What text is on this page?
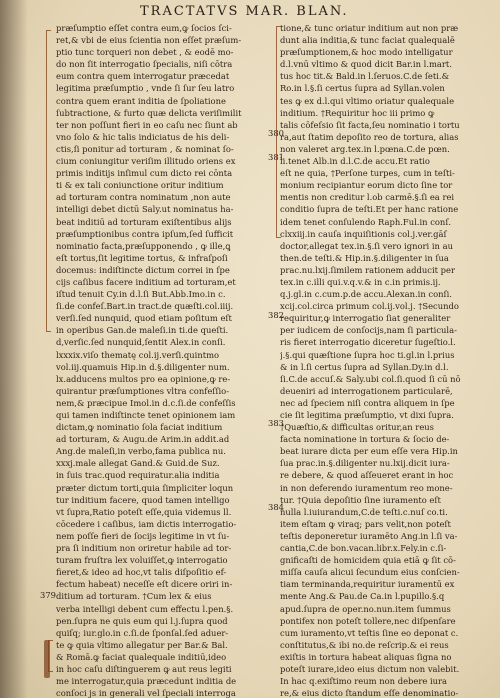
TRACTATVS MAR. BLAN.
præſumptio eſſet contra eum,ꝙ ſocios ſci-
ret,& vbi de eius ſcientia non eſſet præſum-
ptio tunc torqueri non debet , & eodē mo-
do non ſit interrogatio ſpecialis, niſi cōtra
eum contra quem interrogatur præcedat
legitima præſumptio , vnde ſi ſur ſeu latro
contra quem erant inditia de ſpoliatione
ſubtractione, & furto quæ delicta veriſimilit
ter non poſſunt fieri in eo caſu nec ſiunt ab
vno ſolo & hic talis indiciatus de his deli-
ctis,ſi ponitur ad torturam , & nominat ſo-
cium coniungitur veriſim illitudo oriens ex
primis inditijs inſimul cum dicto rei cōnta
ti & ex tali coniunctione oritur inditium
ad torturam contra nominatum ,non aute
intelligi debet dictū Saly.ut nominatus ha-
beat inditiū ad torturam exiſtentibus alijs
præſumptionibus contra ipſum,ſed ſufficit
nominatio facta,præſupponendo , ꝙ ille,ꝗ
eſt tortus,ſit legitime tortus, & infraſpoſi
docemus: indiſtincte dictum correi in ſpe
cijs caſibus facere inditium ad torturam,et
iſtud tenuit Cy.in d.l.ſi But.Abb.Imo.in c.
ſi.de confeſ.Bart.in tract.de quæſti.col.iiij.
verſi.ſed nunquid, quod etiam poſitum eſt
in operibus Gan.de maleſi.in ti.de queſti.
d,verſic.ſed nunquid,ſentit Alex.in conſi.
lxxxix.viſo thematę col.ij.verſi.quintmo
vol.iij.quamuis Hip.in d.§.diligenter num.
lx.adducens multos pro ea opinione,ꝙ re-
quirantur præſumptiones vltra confeſſio-
nem,& præcipue Imol.in d.c.ſi.de confeſſis
qui tamen indiſtincte tenet opinionem iam
dictam,ꝙ nominatio ſola faciat inditium
ad torturam, & Augu.de Arim.in addit.ad
Ang.de maleſi,in verbo,fama publica nu.
xxxj.male allegat Gand.& Guid.de Suz.
in ſuis trac.quod requiratur.alia inditia
præter dictum torti,quia ſimpliciter loqun
tur inditium facere, quod tamen intelligo
vt ſupra,Ratio poteſt eſſe,quia videmus ll.
cōcedere i caſibus, iam dictis interrogatio-
nem poſſe fieri de ſocijs legitime in vt ſu-
pra ſi inditium non oriretur habile ad tor-
turam fruſtra lex voluiſſet,ꝙ interrogatio
fieret,& ideo ad hoc,vt talis diſpoſitio ef-
fectum habeat) neceſſe eſt dicere oriri in-
ditium ad torturam. †Cum lex & eius
verba intelligi debent cum effectu l.pen.§.
pen.ſupra ne quis eum qui l.j.ſupra quod
quiſq; iur.glo.in c.ſi.de ſponſal.ſed aduer-
te ꝙ quia vltimo allegatur per Bar.& Bal.
& Romā.ꝙ faciat qualequale inditiū,ideo
in hoc caſu diſtinguerem ꝙ aut reus legiti
me interrogatur,quia præcedunt inditia de
conſoci js in generali vel ſpeciali interroga
tione,& tunc oriatur inditium aut non præ
dunt alia inditia,& tunc faciat qualequalē
præſumptionem,& hoc modo intelligatur
d.l.vnū vltimo & quod dicit Bar.in l.mart.
tus hoc tit.& Bald.in l.ſeruos.C.de ſeti.&
Ro.in l.§.ſi certus ſupra ad Syllan.volen
tes ꝙ ex d.l.qui vltimo oriatur qualequale
inditium. †Requiritur hoc iii primo ꝙ
talis cōfeſsio ſit facta,ſeu nominatio i tortu
ra,aut ſtatim depoſito reo de tortura, alias
non valeret arg.tex.in l.pœna.C.de pœn.
li.tenet Alb.in d.l.C.de accu.Et ratio
eſt ne quia, †Perſone turpes, cum in teſti-
monium recipiantur eorum dicto ſine tor
mentis non creditur l.ob carmē.§.ſi ea rei
conditio ſupra de teſti.Et per hanc ratione
idem tenet conſulendo Raph.Ful.in conſ.
clxxiij.in cauſa inquiſitionis col.j.ver.gāſ
doctor,allegat tex.in.§.ſi vero ignori in au
then.de teſti.& Hip.in.§.diligenter in ſua
prac.nu.lxij.ſimilem rationem adducit per
tex.in c.illi qui.v.q.v.& in c.in primis.ij.
q.j.gl.in c.cum.p.de accu.Alexan.in conſi.
xcij.col.circa primum col.ij.vol.j. †Secundo
requiritur,ꝙ interrogatio ſiat generaliter
per iudicem de conſocijs,nam ſi particula-
ris fieret interrogatio diceretur ſugeſtio.l.
j.§.qui quæſtione ſupra hoc ti.gl.in l.prius
& in l.ſi certus ſupra ad Syllan.Dy.in d.l.
ſi.C.de accuſ.& Saly.ubi col.ſi.quod ſi cū nō
deueniri ad interrogationem particularē,
nec ad ſpeciem niſi contra aliquem in ſpe
cie ſit legitima præſumptio, vt dixi ſupra.
†Quæſtio,& difficultas oritur,an reus
facta nominatione in tortura & ſocio de-
beat iurare dicta per eum eſſe vera Hip.in
ſua prac.in.§.diligenter nu.lxij.dicit iura-
re debere, & quod aſſeueret erant in hoc
in non deferendo iuramentum reo mone-
tur. †Quia depoſitio ſine iuramento eſt
nulla l.iuiurandum,C.de teſti.c.nuſ co.ti.
item eſtam ꝙ viraq; pars velit,non poteſt
teſtis deponeretur iuramēto Ang.in l.ſi va-
cantia,C.de bon.vacan.libr.x.Fely.in c.ſi-
gnificaſti de homicidem quia etiā ꝙ ſit cō-
miſſa cauſa alicui ſecundum eius conſcien-
tiam terminanda,requiritur iuramentū ex
mente Ang.& Pau.de Ca.in l.pupillo.§.q
apud.ſupra de oper.no.nun.item ſummus
pontifex non poteſt tollere,nec diſpenſare
cum iuramento,vt teſtis ſine eo deponat c.
conſtitutus,& ibi no.de reſcrip.& ei reus
exiſtis in tortura habeat aliquas ſigna no
poteſt iurare,ideo eius dictum non valebit.
In hac q.exiſtimo reum non debere iura
re,& eius dicto ſtandum eſſe denominatio-
380
381
382
383
384
379
